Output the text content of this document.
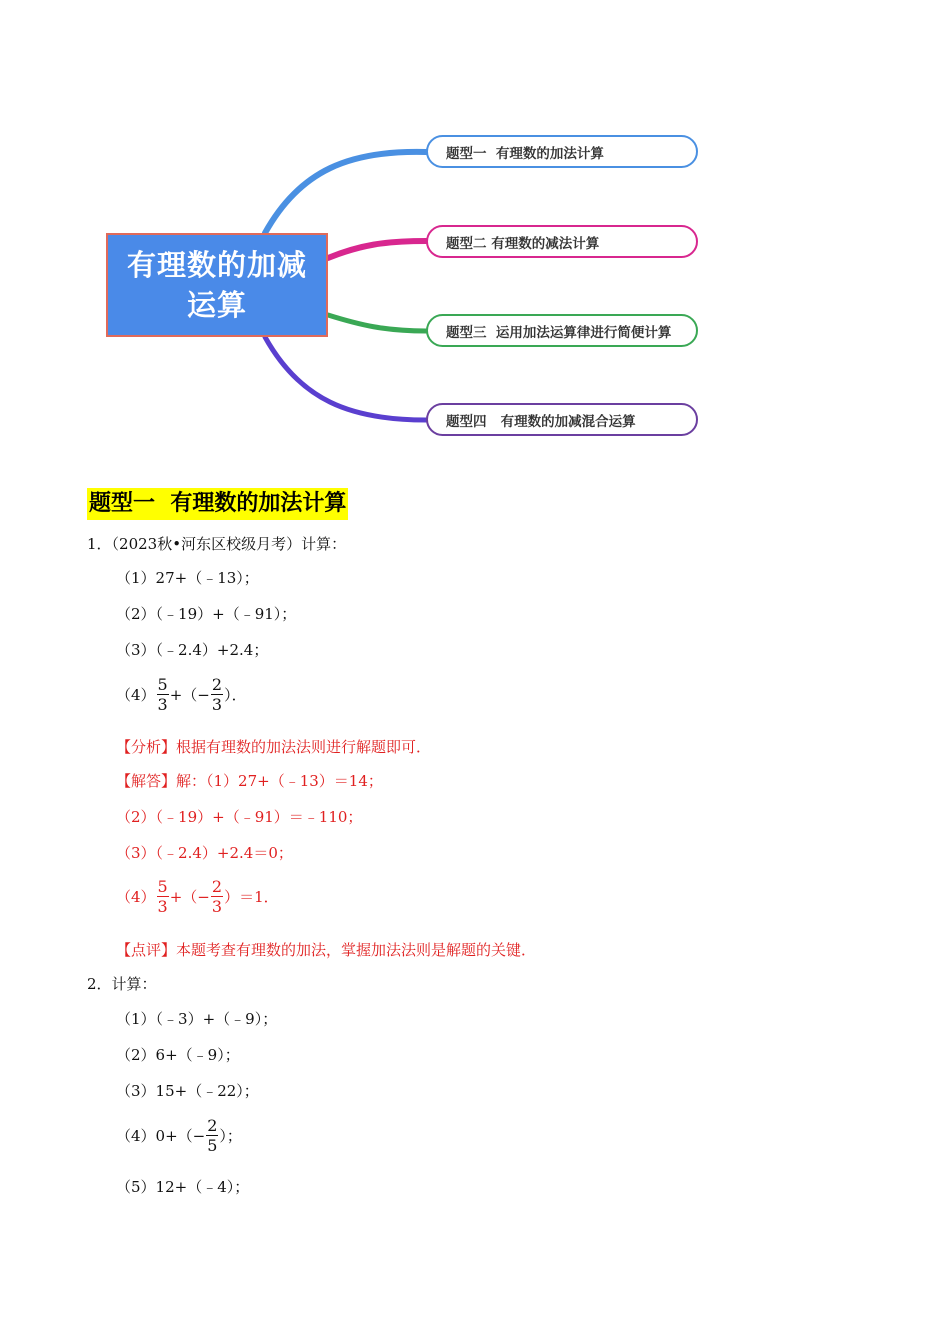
有理数的加减运算
题型一  有理数的加法计算
题型二 有理数的减法计算
题型三  运用加法运算律进行简便计算
题型四   有理数的加减混合运算
题型一  有理数的加法计算
1．（2023秋•河东区校级月考）计算：
（1）27+（﹣13）；
（2）（﹣19）+（﹣91）；
（3）（﹣2.4）+2.4；
$(4) \frac{5}{3}$ +（− $\frac{2}{3}$ ）．
【分析】根据有理数的加法法则进行解题即可．
【解答】解：（1）27+（﹣13）＝14；
（2）（﹣19）+（﹣91）＝﹣110；
（3）（﹣2.4）+2.4＝0；
$(4) \frac{5}{3}$ +（− $\frac{2}{3} )=1$．
【点评】本题考查有理数的加法，掌握加法法则是解题的关键．
2．计算：
（1）（﹣3）+（﹣9）；
（2）6+（﹣9）；
（3）15+（﹣22）；
$(4)0+(- \frac{2}{5}$ ）；
（5）12+（﹣4）；
